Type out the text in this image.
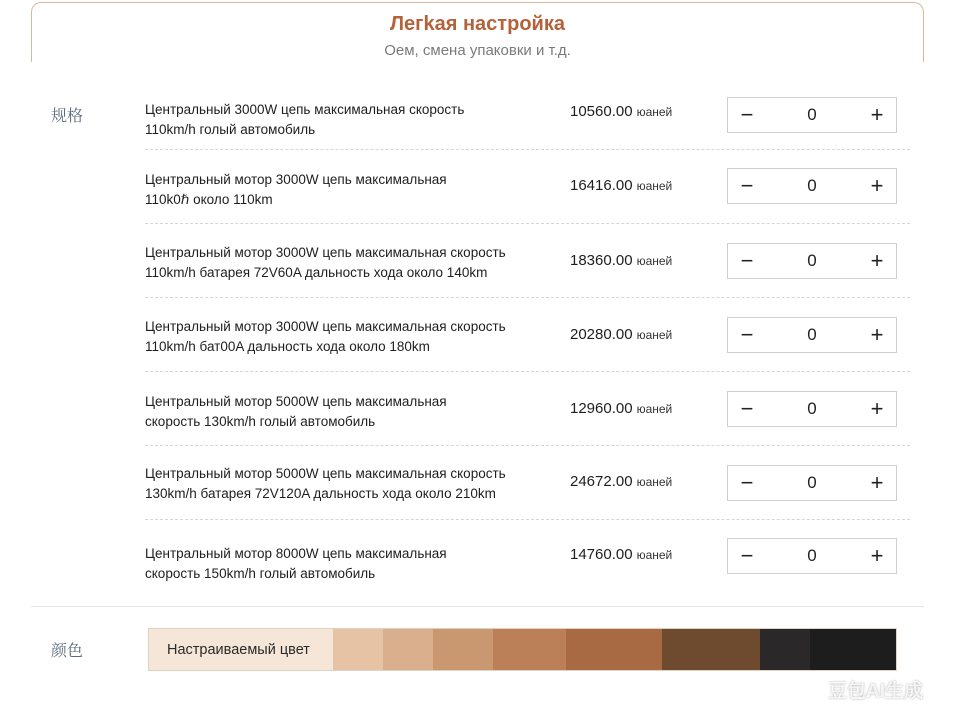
Легkая настройка
Оем, смена упаковки и т.д.
规格	Центральный 3000W цепь максимальная скорость
110km/h голый автомобиль
10560.00 юаней	−	0	+
Центральный мотор 3000W цепь максимальная
110k0ℏ около 110km
16416.00 юаней	−	0	+
Центральный мотор 3000W цепь максимальная скорость
110km/h батарея 72V60A дальность хода около 140km
18360.00 юаней	−	0	+
Центральный мотор 3000W цепь максимальная скорость
110km/h бат00A дальность хода около 180km
20280.00 юаней	−	0	+
Центральный мотор 5000W цепь максимальная
скорость 130km/h голый автомобиль
12960.00 юаней	−	0	+
Центральный мотор 5000W цепь максимальная скорость
130km/h батарея 72V120A дальность хода около 210km
24672.00 юаней	−	0	+
Центральный мотор 8000W цепь максимальная
скорость 150km/h голый автомобиль
14760.00 юаней	−	0	+
颜色	Настраиваемый цвет
豆包AI生成
